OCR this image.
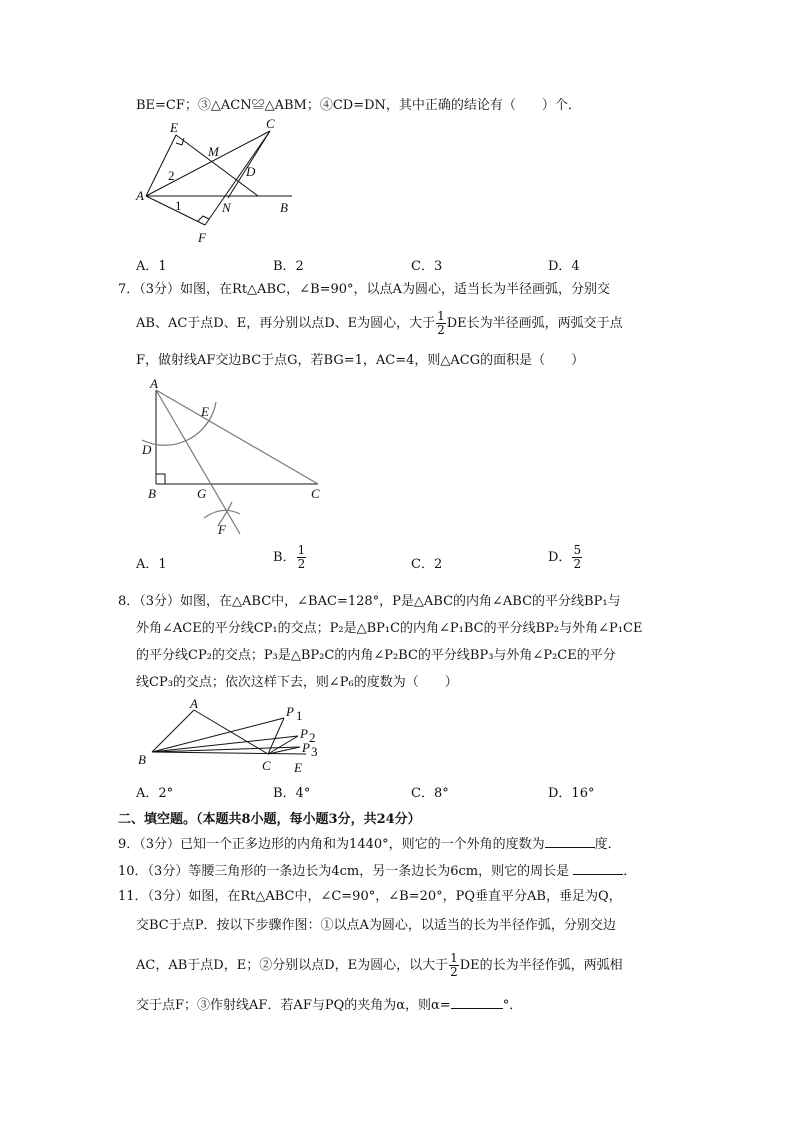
BE=CF；③△ACN≌△ABM；④CD=DN，其中正确的结论有（　　）个．
E	C
M
2	D
A
1	N	B
F
A．1	B．2	C．3	D．4
7．（3分）如图，在Rt△ABC，∠B=90°，以点A为圆心，适当长为半径画弧，分别交
AB、AC于点D、E，再分别以点D、E为圆心，大于 $\frac{1}{2}$ DE长为半径画弧，两弧交于点
F，做射线AF交边BC于点G，若BG=1，AC=4，则△ACG的面积是（　　）
A
E
D
B	G	C
F
A．1	B． $\frac{1}{2}$	C．2	D． $\frac{5}{2}$
8．（3分）如图，在△ABC中，∠BAC=128°，P是△ABC的内角∠ABC的平分线BP₁与
外角∠ACE的平分线CP₁的交点；P₂是△BP₁C的内角∠P₁BC的平分线BP₂与外角∠P₁CE
的平分线CP₂的交点；P₃是△BP₂C的内角∠P₂BC的平分线BP₃与外角∠P₂CE的平分
线CP₃的交点；依次这样下去，则∠P₆的度数为（　　）
A
P 1
P 2
P 3
B	C E
A．2°	B．4°	C．8°	D．16°
二、填空题。（本题共8小题，每小题3分，共24分）
9．（3分）已知一个正多边形的内角和为1440°，则它的一个外角的度数为	度．
10．（3分）等腰三角形的一条边长为4cm，另一条边长为6cm，则它的周长是	．
11．（3分）如图，在Rt△ABC中，∠C=90°，∠B=20°，PQ垂直平分AB，垂足为Q，
交BC于点P．按以下步骤作图：①以点A为圆心，以适当的长为半径作弧，分别交边
AC，AB于点D，E；②分别以点D，E为圆心，以大于 $\frac{1}{2}$ DE的长为半径作弧，两弧相
交于点F；③作射线AF．若AF与PQ的夹角为α，则α=	°．
